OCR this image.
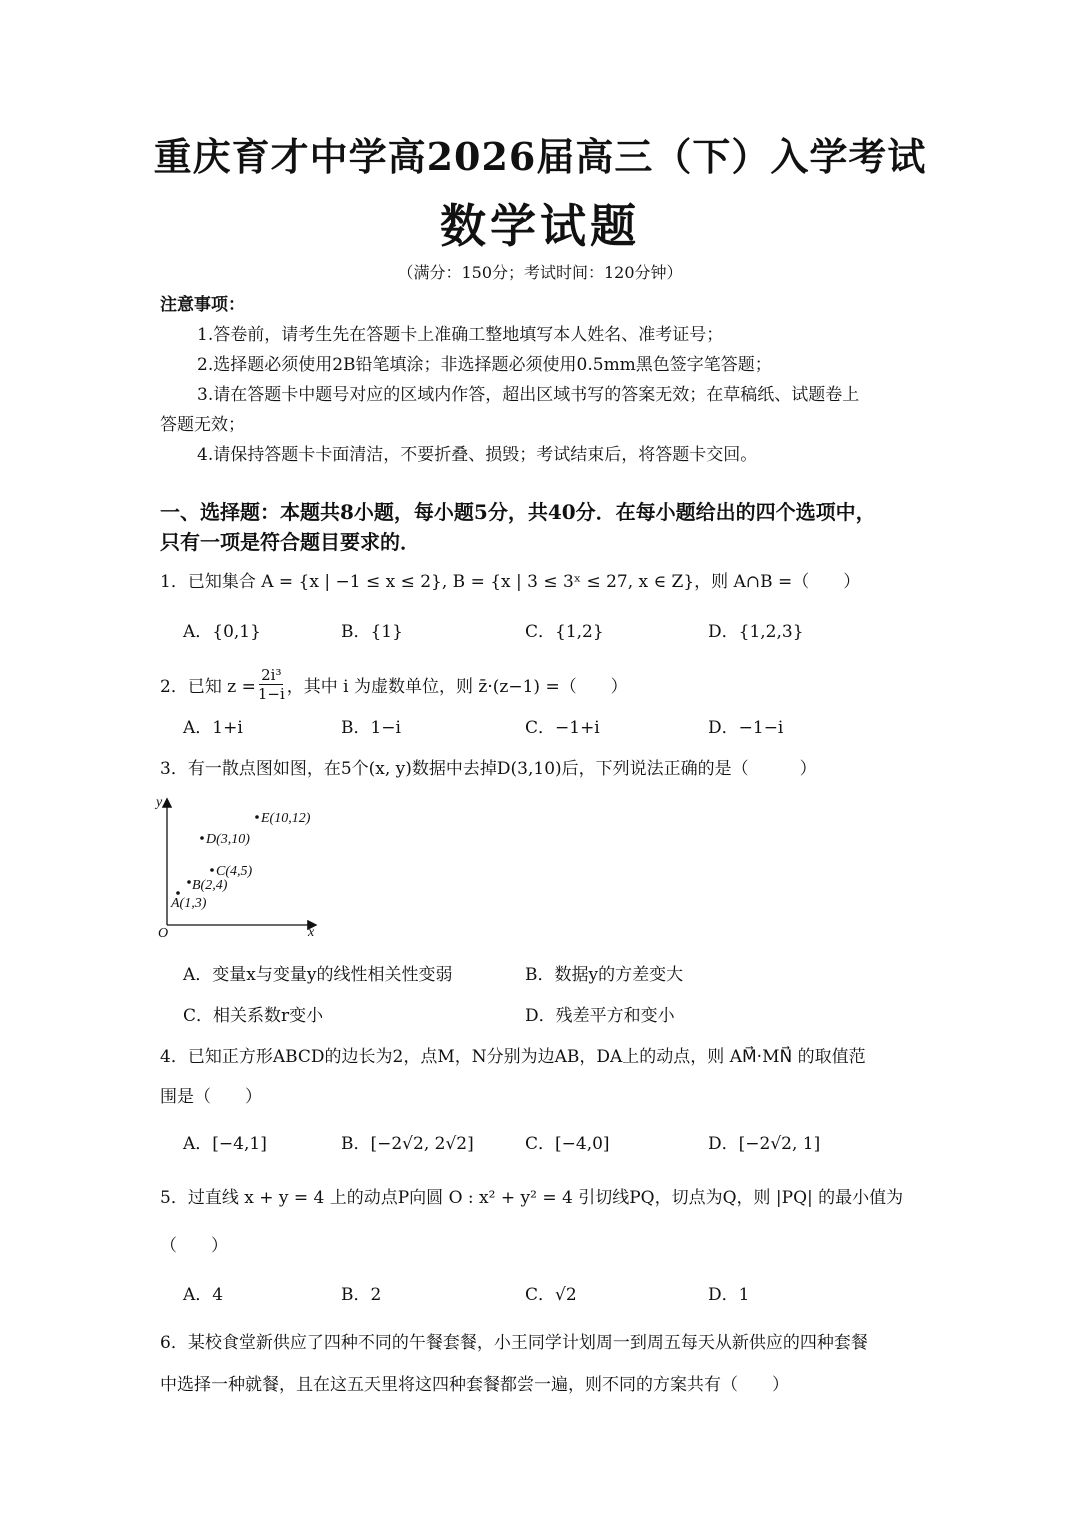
重庆育才中学高2026届高三（下）入学考试
数学试题
（满分：150分；考试时间：120分钟）
注意事项：
1.答卷前，请考生先在答题卡上准确工整地填写本人姓名、准考证号；
2.选择题必须使用2B铅笔填涂；非选择题必须使用0.5mm黑色签字笔答题；
3.请在答题卡中题号对应的区域内作答，超出区域书写的答案无效；在草稿纸、试题卷上
答题无效；
4.请保持答题卡卡面清洁，不要折叠、损毁；考试结束后，将答题卡交回。
一、选择题：本题共8小题，每小题5分，共40分．在每小题给出的四个选项中，
只有一项是符合题目要求的．
1．已知集合 A = {x | −1 ≤ x ≤ 2}, B = {x | 3 ≤ 3ˣ ≤ 27, x ∈ Z}，则 A∩B =（　　）
A．{0,1}	B．{1}	C．{1,2}	D．{1,2,3}
2．已知 $z = \frac{\text{2i³}}{1-i}$ ，其中 i 为虚数单位，则 z̄·(z−1) =（　　）
A．1+i	B．1−i	C．−1+i	D．−1−i
3．有一散点图如图，在5个(x, y)数据中去掉D(3,10)后，下列说法正确的是（　　　）
y
x
O
A(1,3)
B(2,4)
C(4,5)
D(3,10)
E(10,12)
A．变量x与变量y的线性相关性变弱	B．数据y的方差变大
C．相关系数r变小	D．残差平方和变小
4．已知正方形ABCD的边长为2，点M，N分别为边AB，DA上的动点，则 AM⃗·MN⃗ 的取值范
围是（　　）
A．[−4,1]	B．[−2√2, 2√2]	C．[−4,0]	D．[−2√2, 1]
5．过直线 x + y = 4 上的动点P向圆 O : x² + y² = 4 引切线PQ，切点为Q，则 |PQ| 的最小值为
（　　）
A．4	B．2	C．√2	D．1
6．某校食堂新供应了四种不同的午餐套餐，小王同学计划周一到周五每天从新供应的四种套餐
中选择一种就餐，且在这五天里将这四种套餐都尝一遍，则不同的方案共有（　　）
